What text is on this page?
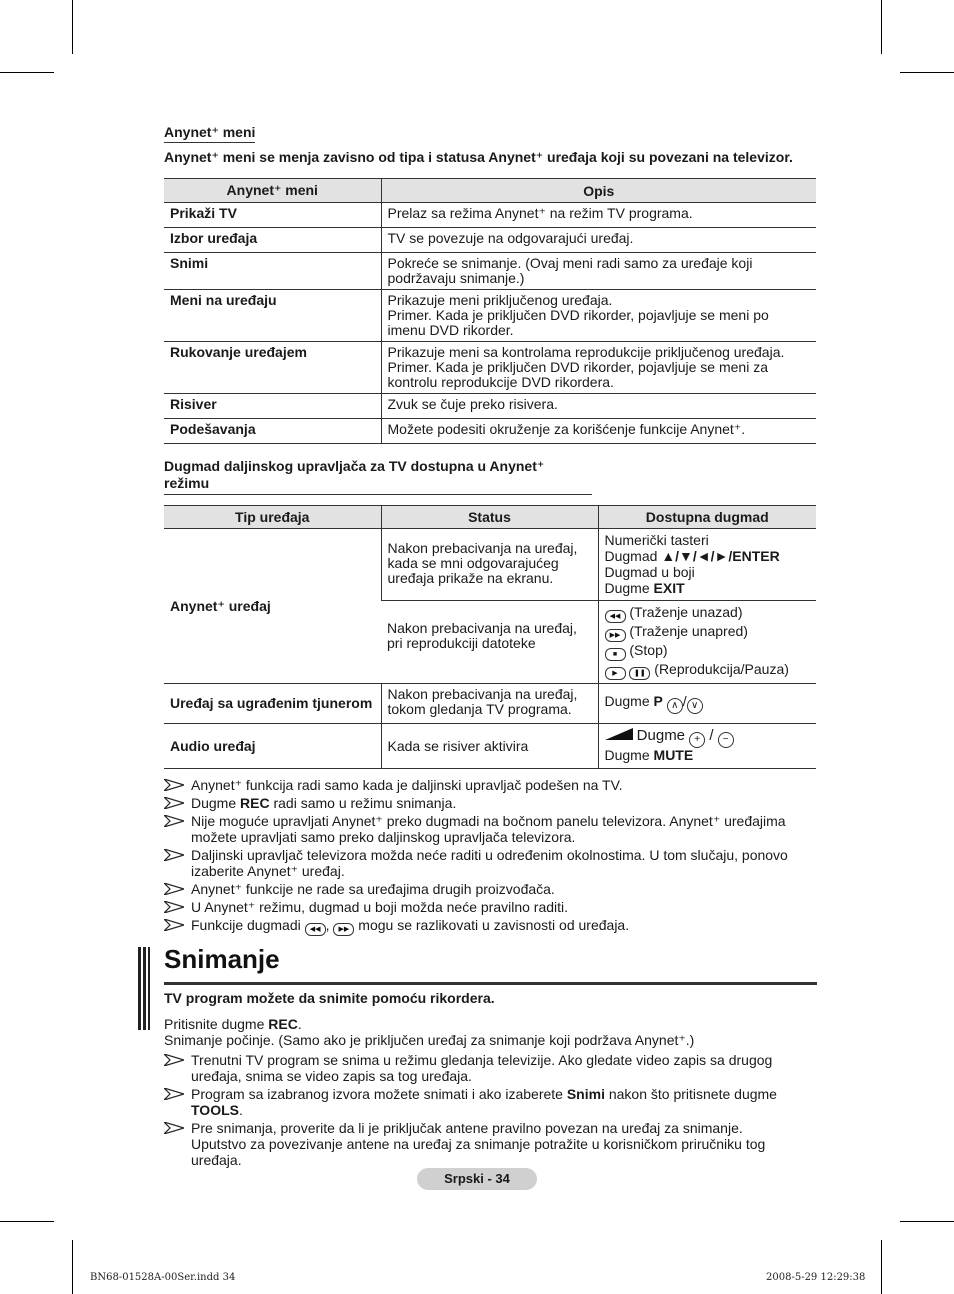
Anynet⁺ meni
Anynet⁺ meni se menja zavisno od tipa i statusa Anynet⁺ uređaja koji su povezani na televizor.
Anynet⁺ meni	Opis
Prikaži TV	Prelaz sa režima Anynet⁺ na režim TV programa.

Izbor uređaja	TV se povezuje na odgovarajući uređaj.

Snimi	Pokreće se snimanje. (Ovaj meni radi samo za uređaje koji podržavaju snimanje.)

Meni na uređaju	Prikazuje meni priključenog uređaja.
Primer. Kada je priključen DVD rikorder, pojavljuje se meni po imenu DVD rikorder.

Rukovanje uređajem	Prikazuje meni sa kontrolama reprodukcije priključenog uređaja.
Primer. Kada je priključen DVD rikorder, pojavljuje se meni za kontrolu reprodukcije DVD rikordera.

Risiver	Zvuk se čuje preko risivera.

Podešavanja	Možete podesiti okruženje za korišćenje funkcije Anynet⁺.
Dugmad daljinskog upravljača za TV dostupna u Anynet⁺ režimu
Tip uređaja	Status	Dostupna dugmad
Anynet⁺ uređaj	Nakon prebacivanja na uređaj, kada se mni odgovarajućeg uređaja prikaže na ekranu.	Numerički tasteri
Dugmad ▲/▼/◄/►/ENTER
Dugmad u boji
Dugme EXIT

	Nakon prebacivanja na uređaj, pri reprodukciji datoteke	◀◀ (Traženje unazad)
▶▶ (Traženje unapred)
■ (Stop)
▶ ❚❚ (Reprodukcija/Pauza)

Uređaj sa ugrađenim tjunerom	Nakon prebacivanja na uređaj, tokom gledanja TV programa.	Dugme P ∧ / ∨
Audio uređaj	Kada se risiver aktivira	Dugme + / −
Dugme MUTE
Anynet⁺ funkcija radi samo kada je daljinski upravljač podešen na TV.
Dugme REC radi samo u režimu snimanja.
Nije moguće upravljati Anynet⁺ preko dugmadi na bočnom panelu televizora. Anynet⁺ uređajima možete upravljati samo preko daljinskog upravljača televizora.
Daljinski upravljač televizora možda neće raditi u određenim okolnostima. U tom slučaju, ponovo izaberite Anynet⁺ uređaj.
Anynet⁺ funkcije ne rade sa uređajima drugih proizvođača.
U Anynet⁺ režimu, dugmad u boji možda neće pravilno raditi.
Funkcije dugmadi ◀◀ , ▶▶ mogu se razlikovati u zavisnosti od uređaja.
Snimanje
TV program možete da snimite pomoću rikordera.

Pritisnite dugme REC.

Snimanje počinje. (Samo ako je priključen uređaj za snimanje koji podržava Anynet⁺.)

Trenutni TV program se snima u režimu gledanja televizije. Ako gledate video zapis sa drugog uređaja, snima se video zapis sa tog uređaja.
Program sa izabranog izvora možete snimati i ako izaberete Snimi nakon što pritisnete dugme TOOLS.
Pre snimanja, proverite da li je priključak antene pravilno povezan na uređaj za snimanje.
Uputstvo za povezivanje antene na uređaj za snimanje potražite u korisničkom priručniku tog uređaja.
Srpski - 34
BN68-01528A-00Ser.indd 34	2008-5-29 12:29:38
